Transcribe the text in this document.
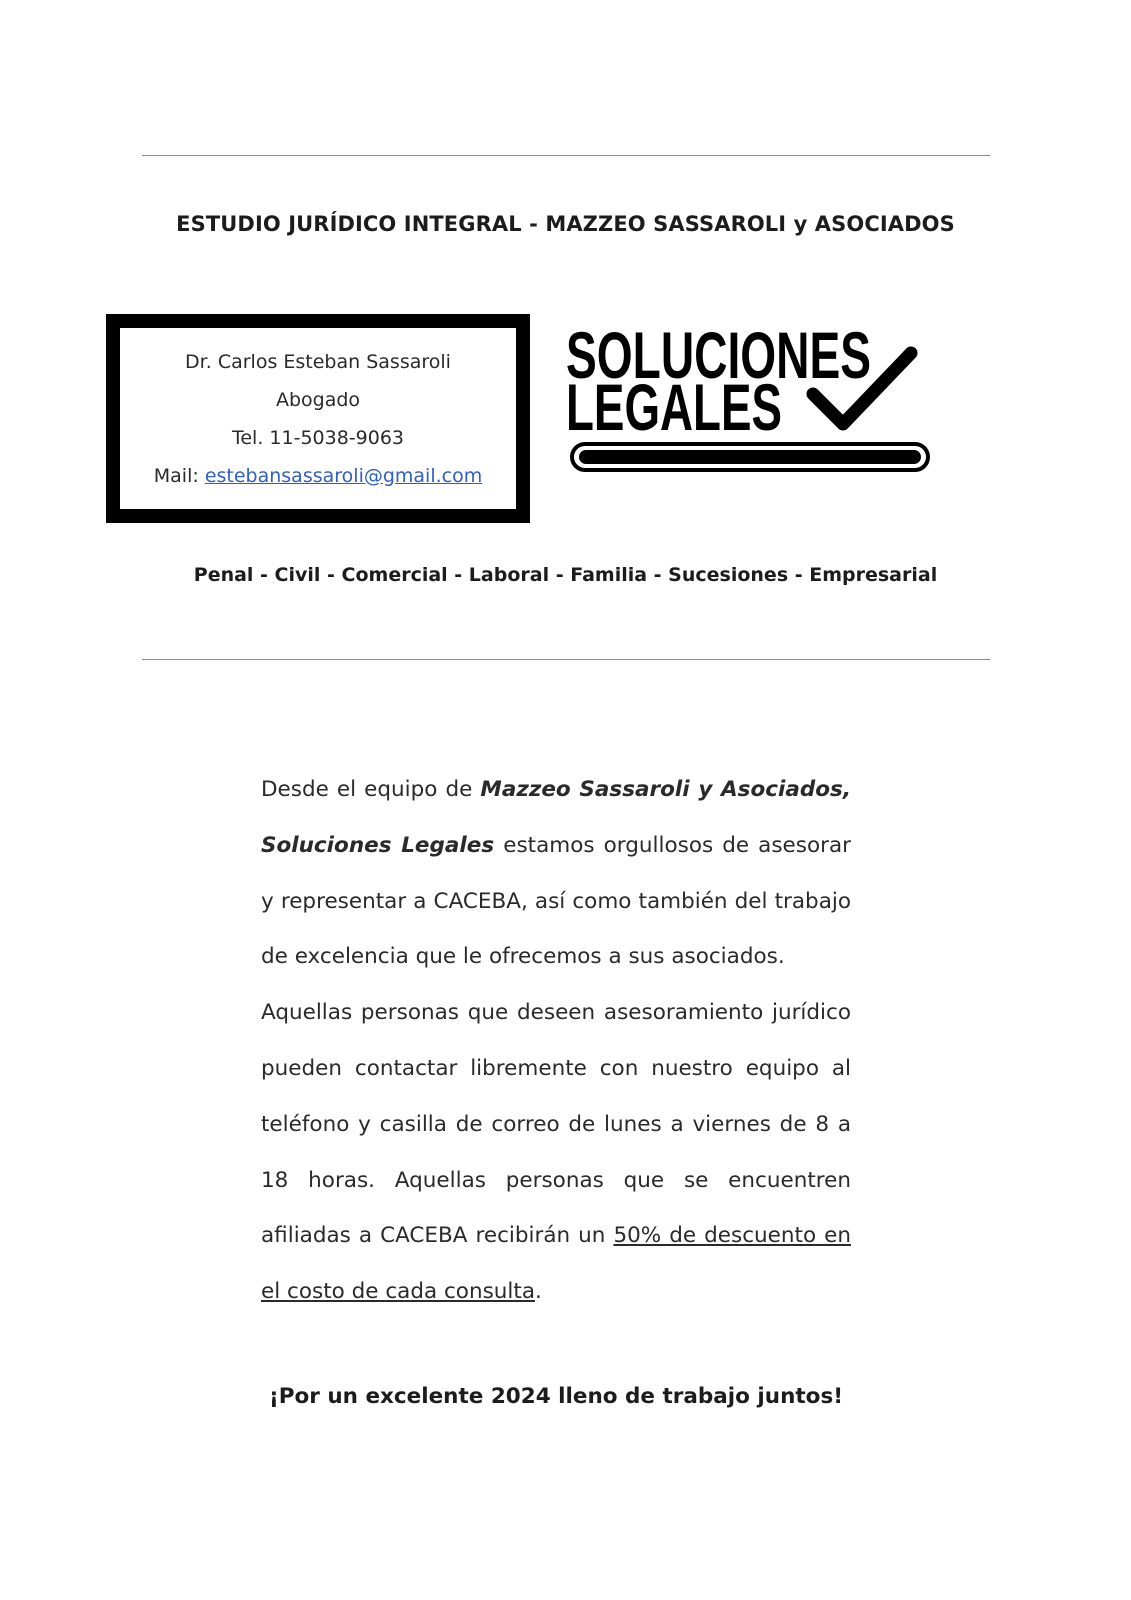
ESTUDIO JURÍDICO INTEGRAL - MAZZEO SASSAROLI y ASOCIADOS
Dr. Carlos Esteban Sassaroli
Abogado
Tel. 11-5038-9063
Mail: estebansassaroli@gmail.com
SOLUCIONES
LEGALES
Penal - Civil - Comercial - Laboral - Familia - Sucesiones - Empresarial

Desde el equipo de Mazzeo Sassaroli y Asociados, Soluciones Legales estamos orgullosos de asesorar y representar a CACEBA, así como también del trabajo de excelencia que le ofrecemos a sus asociados.

Aquellas personas que deseen asesoramiento jurídico pueden contactar libremente con nuestro equipo al teléfono y casilla de correo de lunes a viernes de 8 a 18 horas. Aquellas personas que se encuentren afiliadas a CACEBA recibirán un 50% de descuento en el costo de cada consulta.

¡Por un excelente 2024 lleno de trabajo juntos!
